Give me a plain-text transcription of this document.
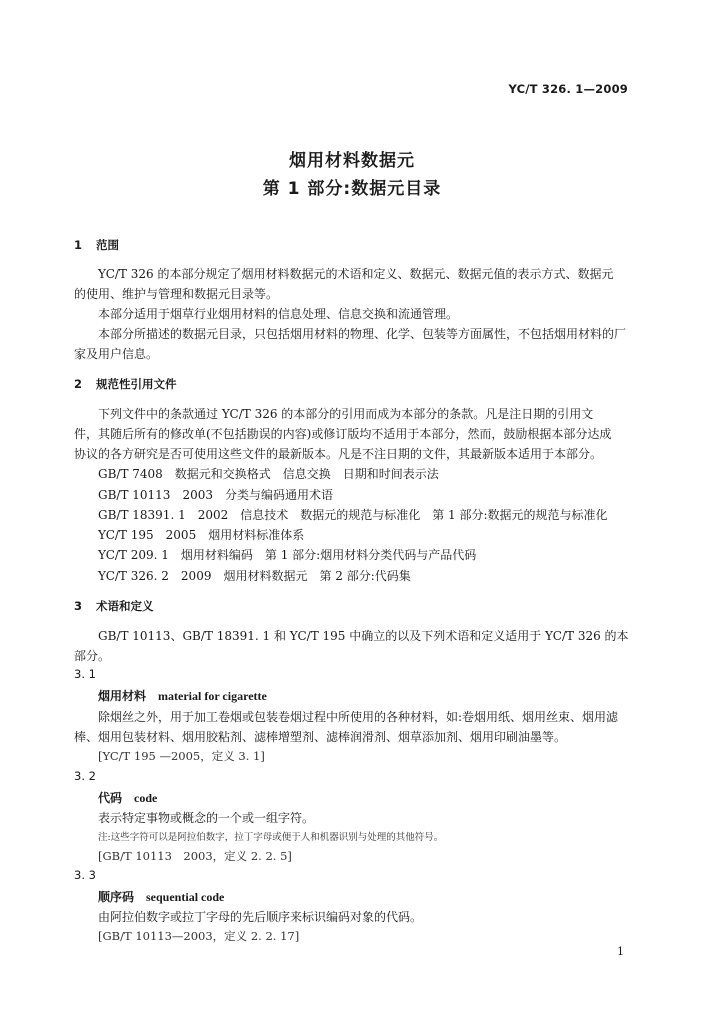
YC/T 326. 1—2009
烟用材料数据元
第 1 部分:数据元目录
1 范围
YC/T 326 的本部分规定了烟用材料数据元的术语和定义、数据元、数据元值的表示方式、数据元
的使用、维护与管理和数据元目录等。
本部分适用于烟草行业烟用材料的信息处理、信息交换和流通管理。
本部分所描述的数据元目录，只包括烟用材料的物理、化学、包装等方面属性，不包括烟用材料的厂
家及用户信息。
2 规范性引用文件
下列文件中的条款通过 YC/T 326 的本部分的引用而成为本部分的条款。凡是注日期的引用文
件，其随后所有的修改单(不包括勘误的内容)或修订版均不适用于本部分，然而，鼓励根据本部分达成
协议的各方研究是否可使用这些文件的最新版本。凡是不注日期的文件，其最新版本适用于本部分。
GB/T 7408　数据元和交换格式　信息交换　日期和时间表示法
GB/T 10113　2003　分类与编码通用术语
GB/T 18391. 1　2002　信息技术　数据元的规范与标准化　第 1 部分:数据元的规范与标准化
YC/T 195　2005　烟用材料标准体系
YC/T 209. 1　烟用材料编码　第 1 部分:烟用材料分类代码与产品代码
YC/T 326. 2　2009　烟用材料数据元　第 2 部分:代码集
3 术语和定义
GB/T 10113、GB/T 18391. 1 和 YC/T 195 中确立的以及下列术语和定义适用于 YC/T 326 的本
部分。
3. 1
烟用材料 material for cigarette
除烟丝之外，用于加工卷烟或包装卷烟过程中所使用的各种材料，如:卷烟用纸、烟用丝束、烟用滤
棒、烟用包装材料、烟用胶粘剂、滤棒增塑剂、滤棒润滑剂、烟草添加剂、烟用印刷油墨等。
[YC/T 195 —2005，定义 3. 1]
3. 2
代码 code
表示特定事物或概念的一个或一组字符。
注:这些字符可以是阿拉伯数字，拉丁字母或便于人和机器识别与处理的其他符号。
[GB/T 10113　2003，定义 2. 2. 5]
3. 3
顺序码 sequential code
由阿拉伯数字或拉丁字母的先后顺序来标识编码对象的代码。
[GB/T 10113—2003，定义 2. 2. 17]
1
